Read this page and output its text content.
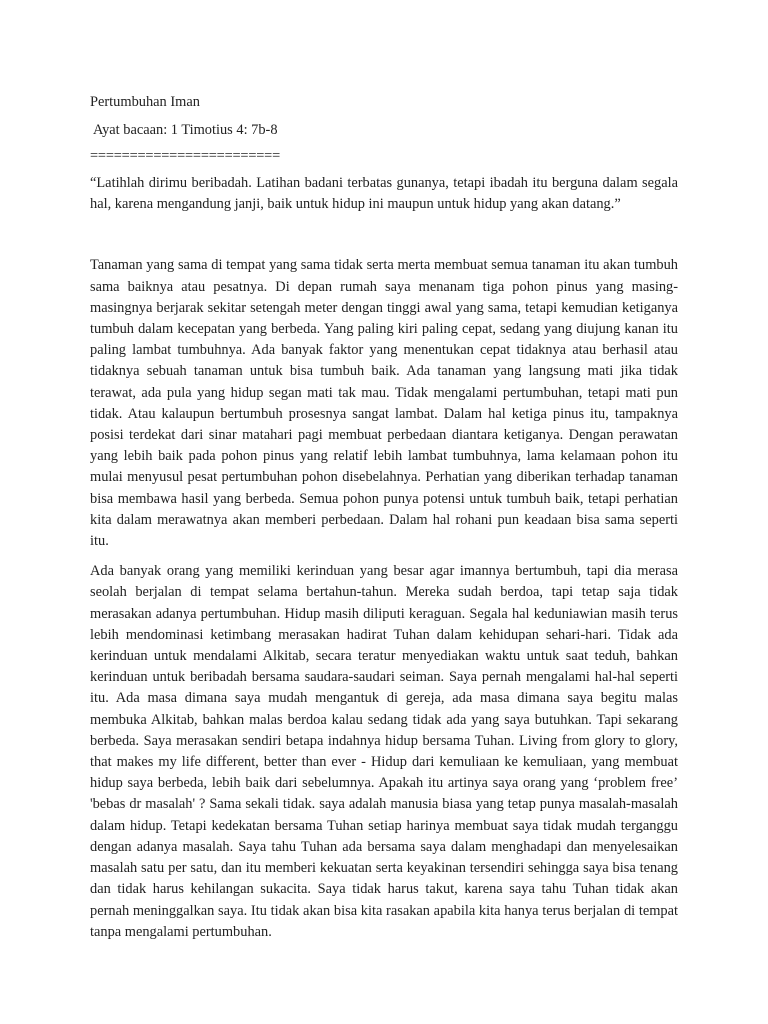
Pertumbuhan Iman

Ayat bacaan: 1 Timotius 4: 7b-8

========================

“Latihlah dirimu beribadah. Latihan badani terbatas gunanya, tetapi ibadah itu berguna dalam segala hal, karena mengandung janji, baik untuk hidup ini maupun untuk hidup yang akan datang.”

Tanaman yang sama di tempat yang sama tidak serta merta membuat semua tanaman itu akan tumbuh sama baiknya atau pesatnya. Di depan rumah saya menanam tiga pohon pinus yang masing-masingnya berjarak sekitar setengah meter dengan tinggi awal yang sama, tetapi kemudian ketiganya tumbuh dalam kecepatan yang berbeda. Yang paling kiri paling cepat, sedang yang diujung kanan itu paling lambat tumbuhnya. Ada banyak faktor yang menentukan cepat tidaknya atau berhasil atau tidaknya sebuah tanaman untuk bisa tumbuh baik. Ada tanaman yang langsung mati jika tidak terawat, ada pula yang hidup segan mati tak mau. Tidak mengalami pertumbuhan, tetapi mati pun tidak. Atau kalaupun bertumbuh prosesnya sangat lambat. Dalam hal ketiga pinus itu, tampaknya posisi terdekat dari sinar matahari pagi membuat perbedaan diantara ketiganya. Dengan perawatan yang lebih baik pada pohon pinus yang relatif lebih lambat tumbuhnya, lama kelamaan pohon itu mulai menyusul pesat pertumbuhan pohon disebelahnya. Perhatian yang diberikan terhadap tanaman bisa membawa hasil yang berbeda. Semua pohon punya potensi untuk tumbuh baik, tetapi perhatian kita dalam merawatnya akan memberi perbedaan. Dalam hal rohani pun keadaan bisa sama seperti itu.

Ada banyak orang yang memiliki kerinduan yang besar agar imannya bertumbuh, tapi dia merasa seolah berjalan di tempat selama bertahun-tahun. Mereka sudah berdoa, tapi tetap saja tidak merasakan adanya pertumbuhan. Hidup masih diliputi keraguan. Segala hal keduniawian masih terus lebih mendominasi ketimbang merasakan hadirat Tuhan dalam kehidupan sehari-hari. Tidak ada kerinduan untuk mendalami Alkitab, secara teratur menyediakan waktu untuk saat teduh, bahkan kerinduan untuk beribadah bersama saudara-saudari seiman. Saya pernah mengalami hal-hal seperti itu. Ada masa dimana saya mudah mengantuk di gereja, ada masa dimana saya begitu malas membuka Alkitab, bahkan malas berdoa kalau sedang tidak ada yang saya butuhkan. Tapi sekarang berbeda. Saya merasakan sendiri betapa indahnya hidup bersama Tuhan. Living from glory to glory, that makes my life different, better than ever - Hidup dari kemuliaan ke kemuliaan, yang membuat hidup saya berbeda, lebih baik dari sebelumnya. Apakah itu artinya saya orang yang ‘problem free’ 'bebas dr masalah' ? Sama sekali tidak. saya adalah manusia biasa yang tetap punya masalah-masalah dalam hidup. Tetapi kedekatan bersama Tuhan setiap harinya membuat saya tidak mudah terganggu dengan adanya masalah. Saya tahu Tuhan ada bersama saya dalam menghadapi dan menyelesaikan masalah satu per satu, dan itu memberi kekuatan serta keyakinan tersendiri sehingga saya bisa tenang dan tidak harus kehilangan sukacita. Saya tidak harus takut, karena saya tahu Tuhan tidak akan pernah meninggalkan saya. Itu tidak akan bisa kita rasakan apabila kita hanya terus berjalan di tempat tanpa mengalami pertumbuhan.
